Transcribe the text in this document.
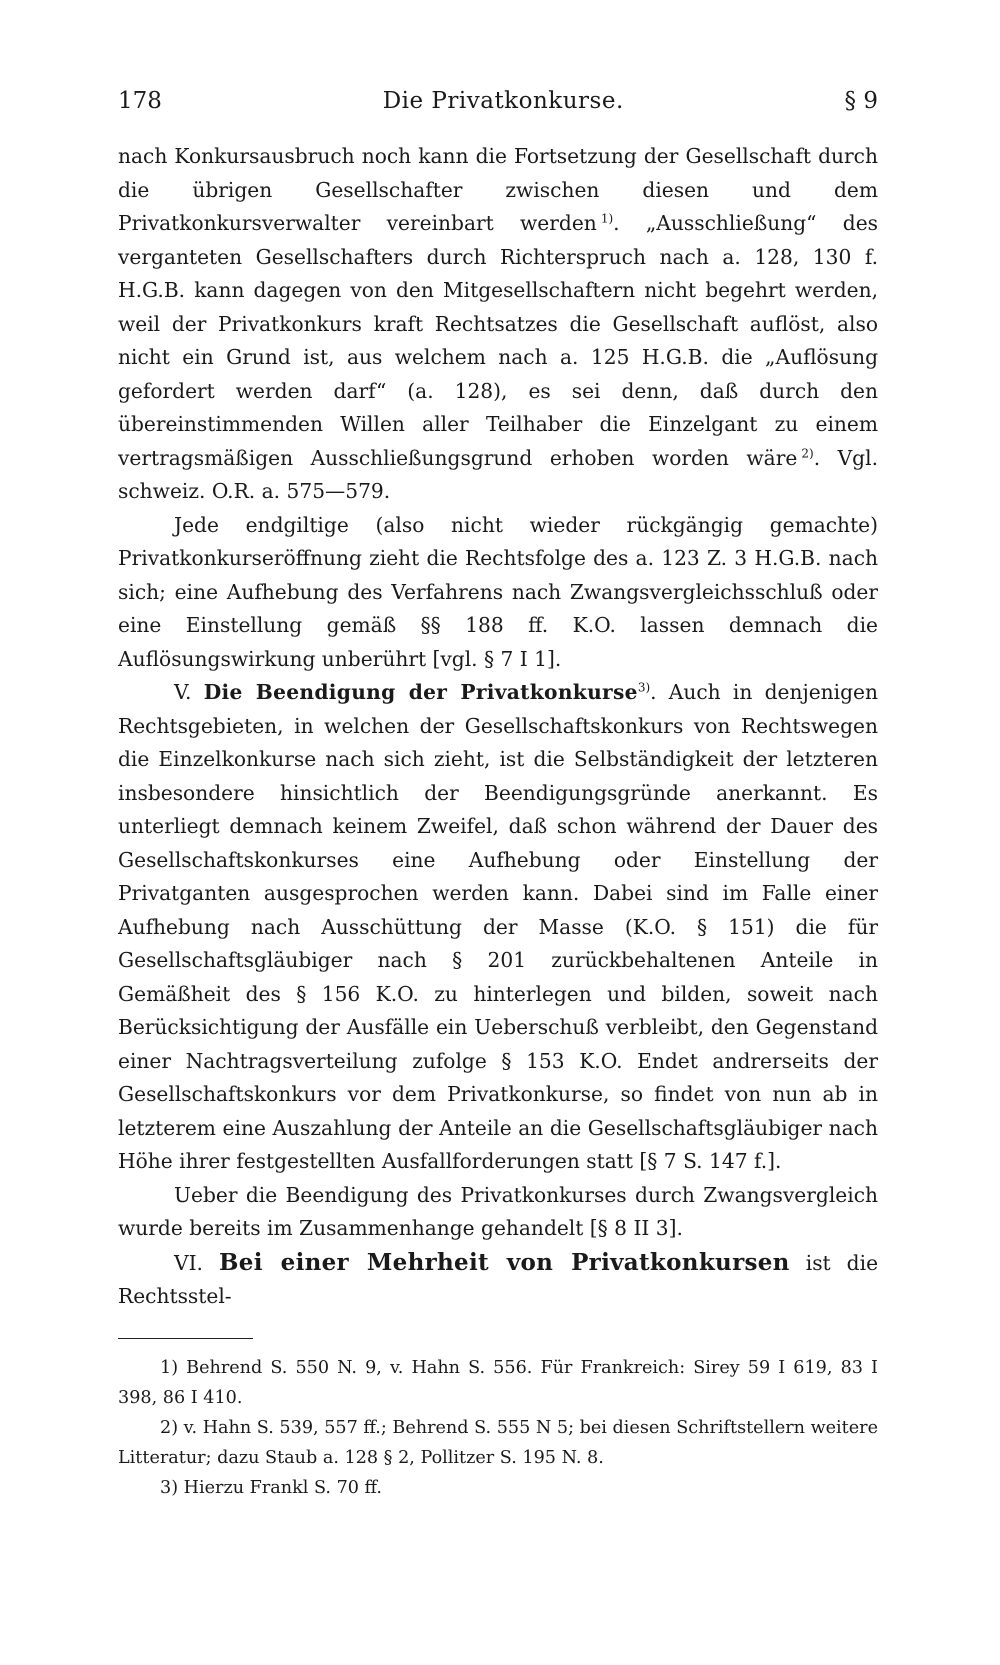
178	Die Privatkonkurse.	§ 9

nach Konkursausbruch noch kann die Fortsetzung der Gesellschaft durch die übrigen Gesellschafter zwischen diesen und dem Privatkonkursverwalter vereinbart werden  $^{1)}$. „Ausschließung“ des verganteten Gesellschafters durch Richterspruch nach a. 128, 130 f. H.G.B. kann dagegen von den Mitgesellschaftern nicht begehrt werden, weil der Privatkonkurs kraft Rechtsatzes die Gesellschaft auflöst, also nicht ein Grund ist, aus welchem nach a. 125 H.G.B. die „Auflösung gefordert werden darf“ (a. 128), es sei denn, daß durch den übereinstimmenden Willen aller Teilhaber die Einzelgant zu einem vertragsmäßigen Ausschließungsgrund erhoben worden wäre  $^{2)}$. Vgl. schweiz. O.R. a. 575—579.

Jede endgiltige (also nicht wieder rückgängig gemachte) Privatkonkurseröffnung zieht die Rechtsfolge des a. 123 Z. 3 H.G.B. nach sich; eine Aufhebung des Verfahrens nach Zwangsvergleichsschluß oder eine Einstellung gemäß §§ 188 ff. K.O. lassen demnach die Auflösungswirkung unberührt [vgl. § 7 I 1].

V. Die Beendigung der Privatkonkurse$^{3)}$. Auch in denjenigen Rechtsgebieten, in welchen der Gesellschaftskonkurs von Rechtswegen die Einzelkonkurse nach sich zieht, ist die Selbständigkeit der letzteren insbesondere hinsichtlich der Beendigungsgründe anerkannt. Es unterliegt demnach keinem Zweifel, daß schon während der Dauer des Gesellschaftskonkurses eine Aufhebung oder Einstellung der Privatganten ausgesprochen werden kann. Dabei sind im Falle einer Aufhebung nach Ausschüttung der Masse (K.O. § 151) die für Gesellschaftsgläubiger nach § 201 zurückbehaltenen Anteile in Gemäßheit des § 156 K.O. zu hinterlegen und bilden, soweit nach Berücksichtigung der Ausfälle ein Ueberschuß verbleibt, den Gegenstand einer Nachtragsverteilung zufolge § 153 K.O. Endet andrerseits der Gesellschaftskonkurs vor dem Privatkonkurse, so findet von nun ab in letzterem eine Auszahlung der Anteile an die Gesellschaftsgläubiger nach Höhe ihrer festgestellten Ausfallforderungen statt [§ 7 S. 147 f.].

Ueber die Beendigung des Privatkonkurses durch Zwangsvergleich wurde bereits im Zusammenhange gehandelt [§ 8 II 3].

VI. Bei einer Mehrheit von Privatkonkursen ist die Rechtsstel-

1) Behrend S. 550 N. 9, v. Hahn S. 556. Für Frankreich: Sirey 59 I 619, 83 I 398, 86 I 410.

2) v. Hahn S. 539, 557 ff.; Behrend S. 555 N 5; bei diesen Schriftstellern weitere Litteratur; dazu Staub a. 128 § 2, Pollitzer S. 195 N. 8.

3) Hierzu Frankl S. 70 ff.
